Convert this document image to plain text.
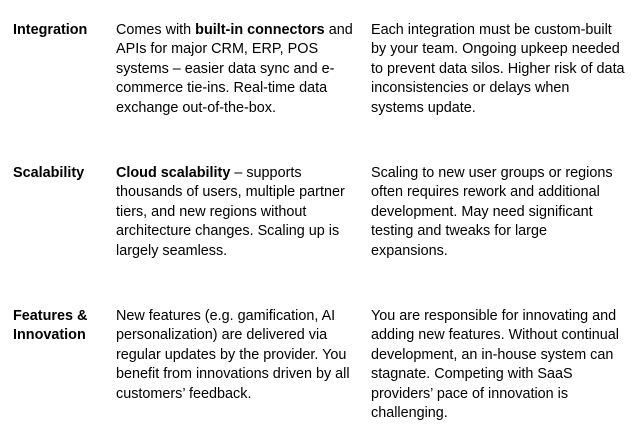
Integration	Comes with built-in connectors and APIs for major CRM, ERP, POS systems – easier data sync and e-commerce tie-ins. Real-time data exchange out-of-the-box.
Each integration must be custom-built by your team. Ongoing upkeep needed to prevent data silos. Higher risk of data inconsistencies or delays when systems update.
Scalability	Cloud scalability – supports thousands of users, multiple partner tiers, and new regions without architecture changes. Scaling up is largely seamless.
Scaling to new user groups or regions often requires rework and additional development. May need significant testing and tweaks for large expansions.
Features & Innovation
New features (e.g. gamification, AI personalization) are delivered via regular updates by the provider. You benefit from innovations driven by all customers’ feedback.
You are responsible for innovating and adding new features. Without continual development, an in-house system can stagnate. Competing with SaaS providers’ pace of innovation is challenging.
